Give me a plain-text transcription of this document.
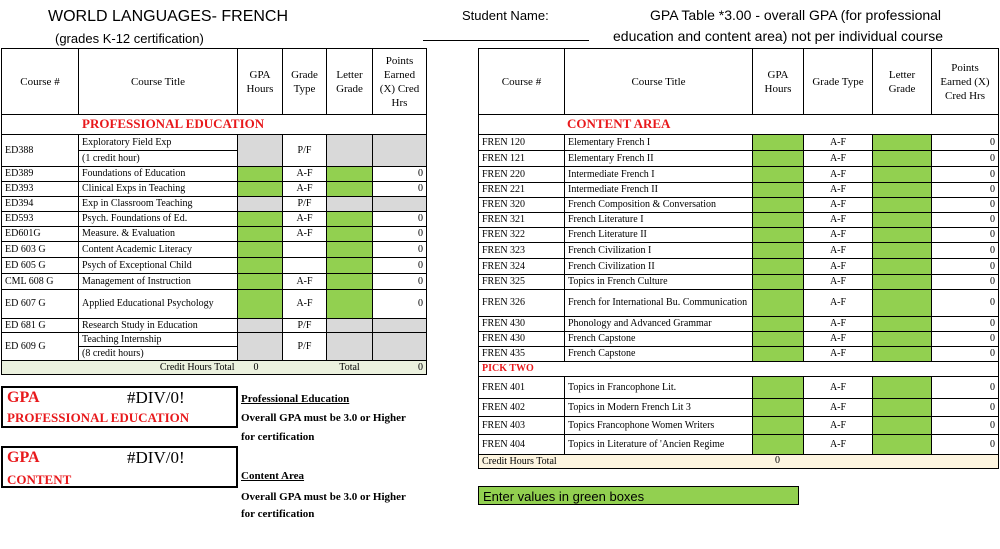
WORLD LANGUAGES- FRENCH
(grades K-12 certification)
Student Name:	GPA Table *3.00 - overall GPA (for professional
education and content area) not per individual course
Course #	Course Title	GPA Hours	Grade Type	Letter Grade	Points Earned (X) Cred Hrs
PROFESSIONAL EDUCATION					
ED388	Exploratory Field Exp		P/F		
	(1 credit hour)				
ED389	Foundations of Education		A-F		0
ED393	Clinical Exps in Teaching		A-F		0
ED394	Exp in Classroom Teaching		P/F		
ED593	Psych. Foundations of Ed.		A-F		0
ED601G	Measure. & Evaluation		A-F		0
ED 603 G	Content Academic Literacy				0
ED 605 G	Psych of Exceptional Child				0
CML 608 G	Management of Instruction		A-F		0
ED 607 G	Applied Educational Psychology		A-F		0
ED 681 G	Research Study in Education		P/F		
ED 609 G	Teaching Internship		P/F		
	(8 credit hours)				
Credit Hours Total		0		Total	0
GPA	#DIV/0!
PROFESSIONAL EDUCATION
GPA	#DIV/0!
CONTENT
Professional Education
Overall GPA must be 3.0 or Higher
for certification
Content Area
Overall GPA must be 3.0 or Higher
for certification
Course #	Course Title	GPA Hours	Grade Type	Letter Grade	Points Earned (X) Cred Hrs
CONTENT AREA					
FREN 120	Elementary French I		A-F		0
FREN 121	Elementary French II		A-F		0
FREN 220	Intermediate French I		A-F		0
FREN 221	Intermediate French II		A-F		0
FREN 320	French Composition & Conversation		A-F		0
FREN 321	French Literature I		A-F		0
FREN 322	French Literature II		A-F		0
FREN 323	French Civilization I		A-F		0
FREN 324	French Civilization II		A-F		0
FREN 325	Topics in French Culture		A-F		0
FREN 326	French for International Bu. Communication		A-F		0
FREN 430	Phonology and Advanced Grammar		A-F		0
FREN 430	French Capstone		A-F		0
FREN 435	French Capstone		A-F		0
PICK TWO					
FREN 401	Topics in Francophone Lit.		A-F		0
FREN 402	Topics in Modern French Lit 3		A-F		0
FREN 403	Topics Francophone Women Writers		A-F		0
FREN 404	Topics in Literature of 'Ancien Regime		A-F		0
Credit Hours Total 0					
Enter values in green boxes
